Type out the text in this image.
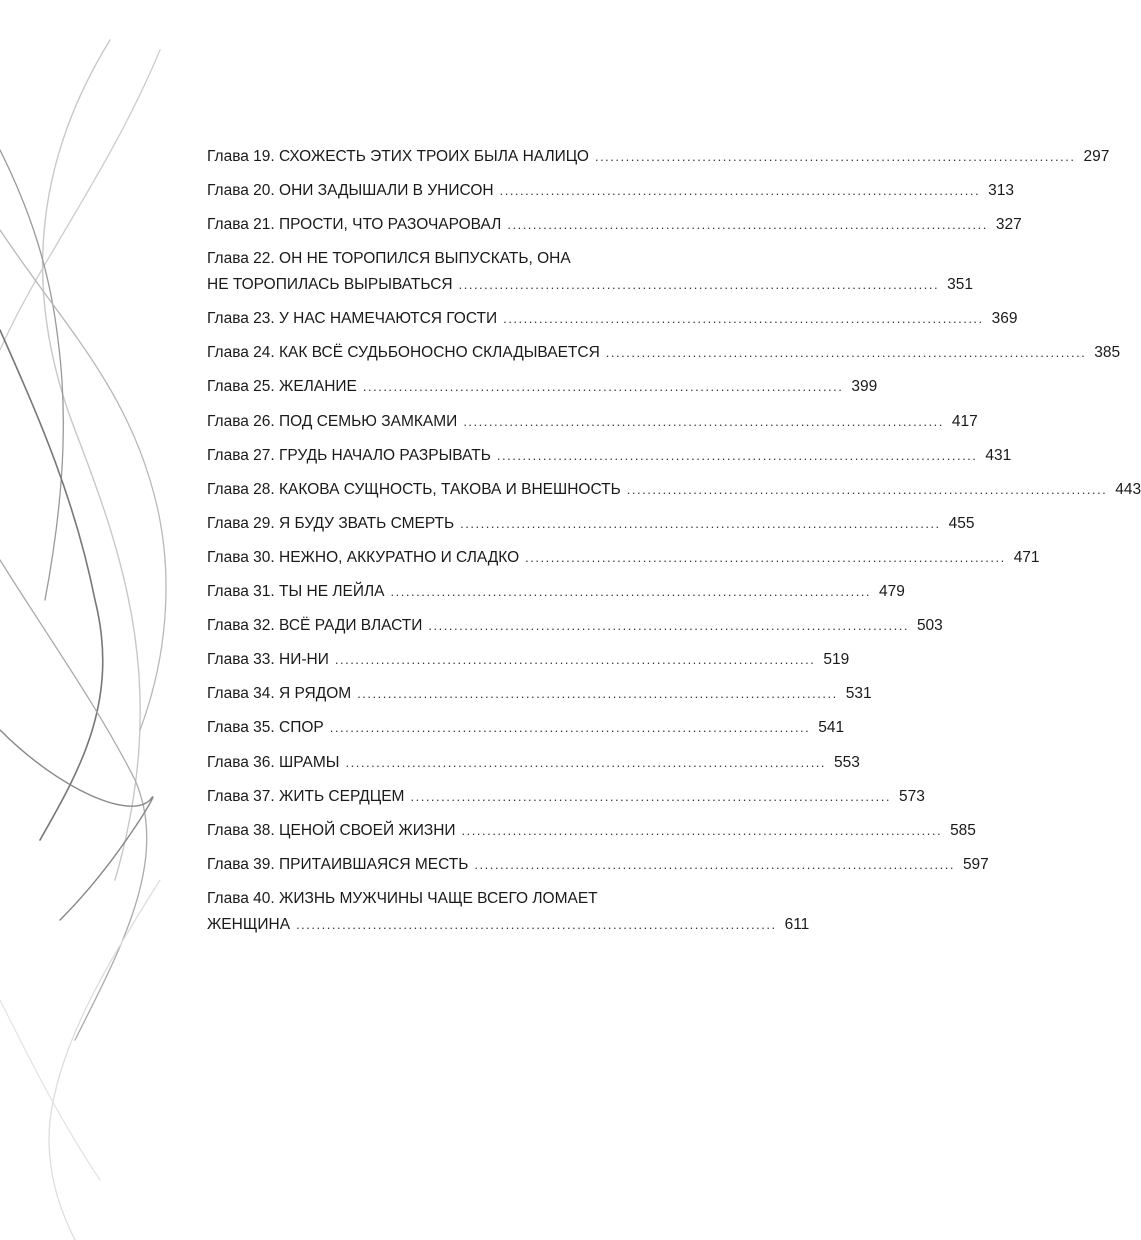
Глава 19. СХОЖЕСТЬ ЭТИХ ТРОИХ БЫЛА НАЛИЦО .............................................................................................. 297
Глава 20. ОНИ ЗАДЫШАЛИ В УНИСОН .............................................................................................. 313
Глава 21. ПРОСТИ, ЧТО РАЗОЧАРОВАЛ .............................................................................................. 327
Глава 22. ОН НЕ ТОРОПИЛСЯ ВЫПУСКАТЬ, ОНА
НЕ ТОРОПИЛАСЬ ВЫРЫВАТЬСЯ .............................................................................................. 351
Глава 23. У НАС НАМЕЧАЮТСЯ ГОСТИ .............................................................................................. 369
Глава 24. КАК ВСЁ СУДЬБОНОСНО СКЛАДЫВАЕТСЯ .............................................................................................. 385
Глава 25. ЖЕЛАНИЕ .............................................................................................. 399
Глава 26. ПОД СЕМЬЮ ЗАМКАМИ .............................................................................................. 417
Глава 27. ГРУДЬ НАЧАЛО РАЗРЫВАТЬ .............................................................................................. 431
Глава 28. КАКОВА СУЩНОСТЬ, ТАКОВА И ВНЕШНОСТЬ .............................................................................................. 443
Глава 29. Я БУДУ ЗВАТЬ СМЕРТЬ .............................................................................................. 455
Глава 30. НЕЖНО, АККУРАТНО И СЛАДКО .............................................................................................. 471
Глава 31. ТЫ НЕ ЛЕЙЛА .............................................................................................. 479
Глава 32. ВСЁ РАДИ ВЛАСТИ .............................................................................................. 503
Глава 33. НИ-НИ .............................................................................................. 519
Глава 34. Я РЯДОМ .............................................................................................. 531
Глава 35. СПОР .............................................................................................. 541
Глава 36. ШРАМЫ .............................................................................................. 553
Глава 37. ЖИТЬ СЕРДЦЕМ .............................................................................................. 573
Глава 38. ЦЕНОЙ СВОЕЙ ЖИЗНИ .............................................................................................. 585
Глава 39. ПРИТАИВШАЯСЯ МЕСТЬ .............................................................................................. 597
Глава 40. ЖИЗНЬ МУЖЧИНЫ ЧАЩЕ ВСЕГО ЛОМАЕТ
ЖЕНЩИНА .............................................................................................. 611
